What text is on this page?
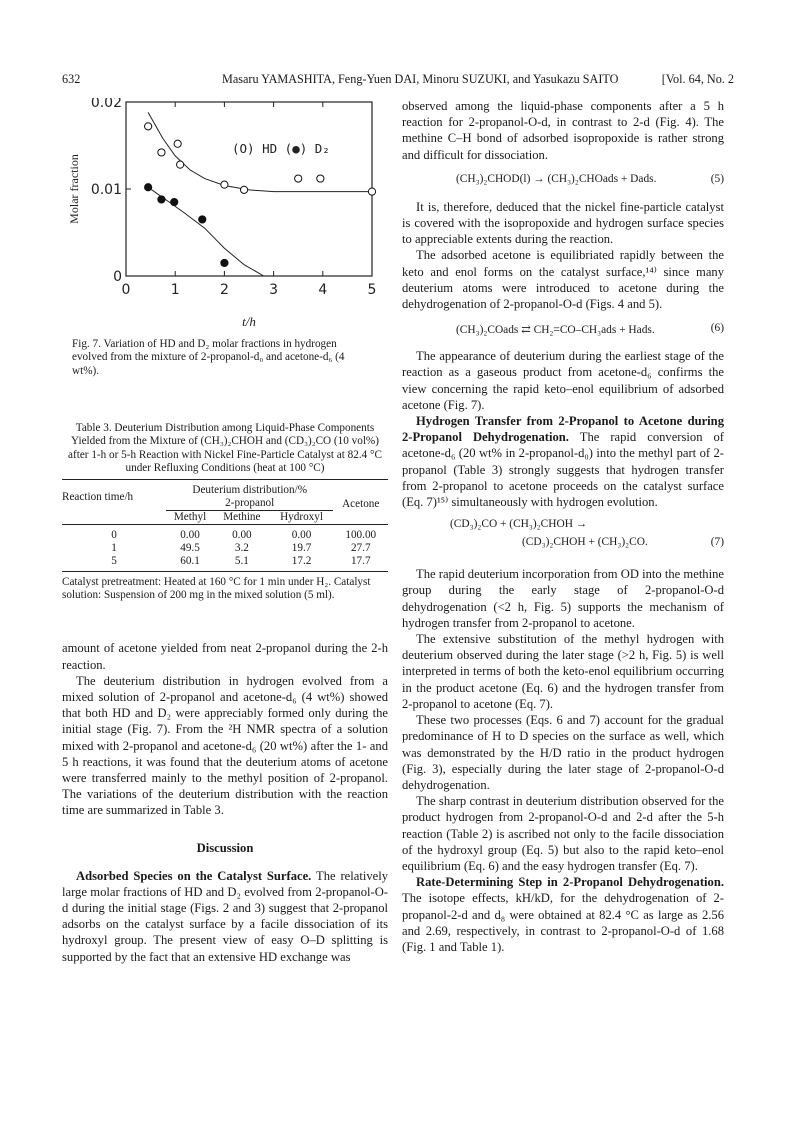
632	Masaru YAMASHITA, Feng-Yuen DAI, Minoru SUZUKI, and Yasukazu SAITO	[Vol. 64, No. 2
0	1	2	3	4	5
0
0.01
0.02
t/h
Molar fraction
(O) HD (●) D₂
Fig. 7. Variation of HD and D₂ molar fractions in hydrogen evolved from the mixture of 2-propanol-d₀ and acetone-d₆ (4 wt%).
Table 3. Deuterium Distribution among Liquid-Phase Components Yielded from the Mixture of (CH₃)₂CHOH and (CD₃)₂CO (10 vol%) after 1-h or 5-h Reaction with Nickel Fine-Particle Catalyst at 82.4 °C under Refluxing Conditions (heat at 100 °C)
Reaction time/h	Deuterium distribution/%			Acetone
	2-propanol			
	Methyl	Methine	Hydroxyl	
0	0.00	0.00	0.00	100.00
1	49.5	3.2	19.7	27.7
5	60.1	5.1	17.2	17.7
Catalyst pretreatment: Heated at 160 °C for 1 min under H₂. Catalyst solution: Suspension of 200 mg in the mixed solution (5 ml).

amount of acetone yielded from neat 2-propanol during the 2-h reaction.

The deuterium distribution in hydrogen evolved from a mixed solution of 2-propanol and acetone-d₆ (4 wt%) showed that both HD and D₂ were appreciably formed only during the initial stage (Fig. 7). From the ²H NMR spectra of a solution mixed with 2-propanol and acetone-d₆ (20 wt%) after the 1- and 5 h reactions, it was found that the deuterium atoms of acetone were transferred mainly to the methyl position of 2-propanol. The variations of the deuterium distribution with the reaction time are summarized in Table 3.

Discussion

Adsorbed Species on the Catalyst Surface. The relatively large molar fractions of HD and D₂ evolved from 2-propanol-O-d during the initial stage (Figs. 2 and 3) suggest that 2-propanol adsorbs on the catalyst surface by a facile dissociation of its hydroxyl group. The present view of easy O–D splitting is supported by the fact that an extensive HD exchange was

observed among the liquid-phase components after a 5 h reaction for 2-propanol-O-d, in contrast to 2-d (Fig. 4). The methine C–H bond of adsorbed isopropoxide is rather strong and difficult for dissociation.

(CH₃)₂CHOD(l) → (CH₃)₂CHOads + Dads.	(5)

It is, therefore, deduced that the nickel fine-particle catalyst is covered with the isopropoxide and hydrogen surface species to appreciable extents during the reaction.

The adsorbed acetone is equilibriated rapidly between the keto and enol forms on the catalyst surface,¹⁴⁾ since many deuterium atoms were introduced to acetone during the dehydrogenation of 2-propanol-O-d (Figs. 4 and 5).

(CH₃)₂COads ⇄ CH₂=CO–CH₃ads + Hads.	(6)

The appearance of deuterium during the earliest stage of the reaction as a gaseous product from acetone-d₆ confirms the view concerning the rapid keto–enol equilibrium of adsorbed acetone (Fig. 7).

Hydrogen Transfer from 2-Propanol to Acetone during 2-Propanol Dehydrogenation. The rapid conversion of acetone-d₆ (20 wt% in 2-propanol-d₀) into the methyl part of 2-propanol (Table 3) strongly suggests that hydrogen transfer from 2-propanol to acetone proceeds on the catalyst surface (Eq. 7)¹⁵⁾ simultaneously with hydrogen evolution.

(CD₃)₂CO + (CH₃)₂CHOH →
(CD₃)₂CHOH + (CH₃)₂CO.	(7)

The rapid deuterium incorporation from OD into the methine group during the early stage of 2-propanol-O-d dehydrogenation (<2 h, Fig. 5) supports the mechanism of hydrogen transfer from 2-propanol to acetone.

The extensive substitution of the methyl hydrogen with deuterium observed during the later stage (>2 h, Fig. 5) is well interpreted in terms of both the keto-enol equilibrium occurring in the product acetone (Eq. 6) and the hydrogen transfer from 2-propanol to acetone (Eq. 7).

These two processes (Eqs. 6 and 7) account for the gradual predominance of H to D species on the surface as well, which was demonstrated by the H/D ratio in the product hydrogen (Fig. 3), especially during the later stage of 2-propanol-O-d dehydrogenation.

The sharp contrast in deuterium distribution observed for the product hydrogen from 2-propanol-O-d and 2-d after the 5-h reaction (Table 2) is ascribed not only to the facile dissociation of the hydroxyl group (Eq. 5) but also to the rapid keto–enol equilibrium (Eq. 6) and the easy hydrogen transfer (Eq. 7).

Rate-Determining Step in 2-Propanol Dehydrogenation. The isotope effects, kH/kD, for the dehydrogenation of 2-propanol-2-d and d₈ were obtained at 82.4 °C as large as 2.56 and 2.69, respectively, in contrast to 2-propanol-O-d of 1.68 (Fig. 1 and Table 1).
